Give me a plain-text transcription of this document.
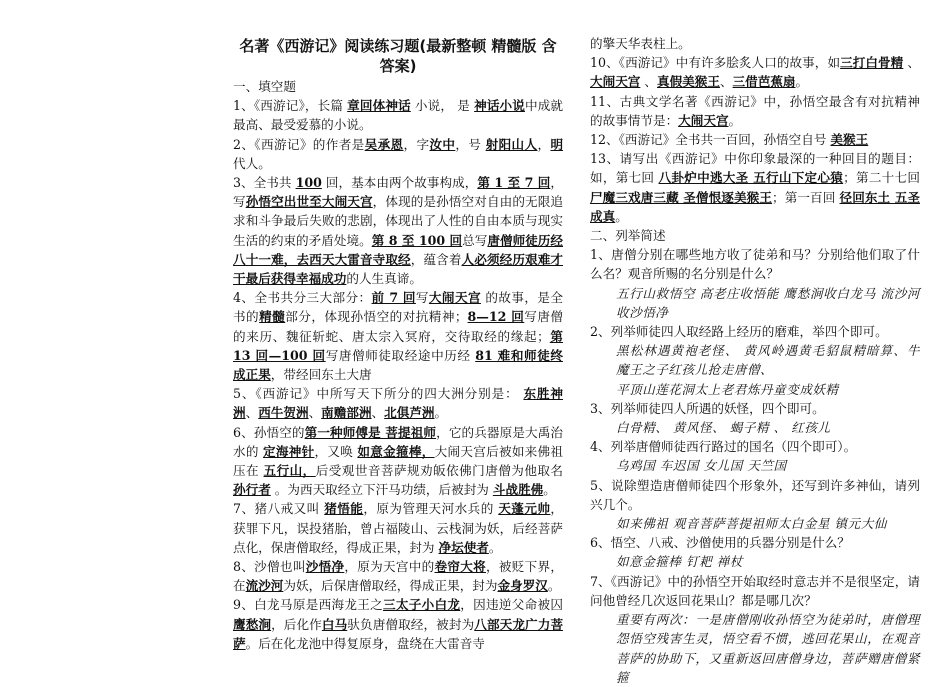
名著《西游记》阅读练习题(最新整顿 精髓版 含答案)

一、填空题

1、《西游记》，长篇 章回体神话 小说， 是 神话小说中成就最高、最受爱慕的小说。

2、《西游记》的作者是吴承恩，字汝中，号 射阳山人，明代人。

3、全书共 100 回，基本由两个故事构成，第 1 至 7 回，写孙悟空出世至大闹天宫，体现的是孙悟空对自由的无限追求和斗争最后失败的悲剧，体现出了人性的自由本质与现实生活的约束的矛盾处境。第 8 至 100 回总写唐僧师徒历经八十一难，去西天大雷音寺取经，蕴含着人必须经历艰难才干最后获得幸福成功的人生真谛。

4、全书共分三大部分：前 7 回写大闹天宫 的故事，是全书的精髓部分，体现孙悟空的对抗精神；8—12 回写唐僧的来历、魏征斩蛇、唐太宗入冥府，交待取经的缘起；第 13 回—100 回写唐僧师徒取经途中历经 81 难和师徒终成正果，带经回东土大唐

5、《西游记》中所写天下所分的四大洲分别是： 东胜神洲、西牛贺洲、南赡部洲、北俱芦洲。

6、孙悟空的第一种师傅是 菩提祖师，它的兵器原是大禹治水的 定海神针，又唤 如意金箍棒，大闹天宫后被如来佛祖压在 五行山，后受观世音菩萨规劝皈依佛门唐僧为他取名 孙行者 。为西天取经立下汗马功绩，后被封为 斗战胜佛。

7、猪八戒又叫 猪悟能，原为管理天河水兵的 天蓬元帅，获罪下凡，误投猪胎，曾占福陵山、云栈洞为妖，后经菩萨点化，保唐僧取经，得成正果，封为 净坛使者。

8、沙僧也叫沙悟净，原为天宫中的卷帘大将，被贬下界，在流沙河为妖，后保唐僧取经，得成正果，封为金身罗汉。

9、白龙马原是西海龙王之三太子小白龙，因违逆父命被囚鹰愁涧，后化作白马驮负唐僧取经，被封为八部天龙广力菩萨。后在化龙池中得复原身，盘绕在大雷音寺

的擎天华表柱上。

10、《西游记》中有许多脍炙人口的故事，如三打白骨精 、大闹天宫 、真假美猴王、三借芭蕉扇。

11、古典文学名著《西游记》中，孙悟空最含有对抗精神的故事情节是：大闹天宫。

12、《西游记》全书共一百回，孙悟空自号 美猴王

13、请写出《西游记》中你印象最深的一种回目的题目：如，第七回 八卦炉中逃大圣 五行山下定心猿；第二十七回 尸魔三戏唐三藏 圣僧恨逐美猴王；第一百回 径回东土 五圣成真。

二、列举简述

1、唐僧分别在哪些地方收了徒弟和马？分别给他们取了什么名？观音所赐的名分别是什么？

五行山救悟空 高老庄收悟能 鹰愁涧收白龙马 流沙河收沙悟净

2、列举师徒四人取经路上经历的磨难，举四个即可。

黑松林遇黄袍老怪、 黄风岭遇黄毛貂鼠精暗算、牛魔王之子红孩儿抢走唐僧、

平顶山莲花洞太上老君炼丹童变成妖精

3、列举师徒四人所遇的妖怪，四个即可。

白骨精、 黄风怪、 蝎子精 、 红孩儿

4、列举唐僧师徒西行路过的国名（四个即可）。

乌鸡国 车迟国 女儿国 天竺国

5、说除塑造唐僧师徒四个形象外，还写到许多神仙，请列兴几个。

如来佛祖 观音菩萨菩提祖师太白金星 镇元大仙

6、悟空、八戒、沙僧使用的兵器分别是什么？

如意金箍棒 钉耙 禅杖

7、《西游记》中的孙悟空开始取经时意志并不是很坚定，请问他曾经几次返回花果山？都是哪几次？

重要有两次：一是唐僧刚收孙悟空为徒弟时，唐僧理怨悟空残害生灵，悟空看不惯，逃回花果山，在观音菩萨的协助下，又重新返回唐僧身边，菩萨赠唐僧紧箍
